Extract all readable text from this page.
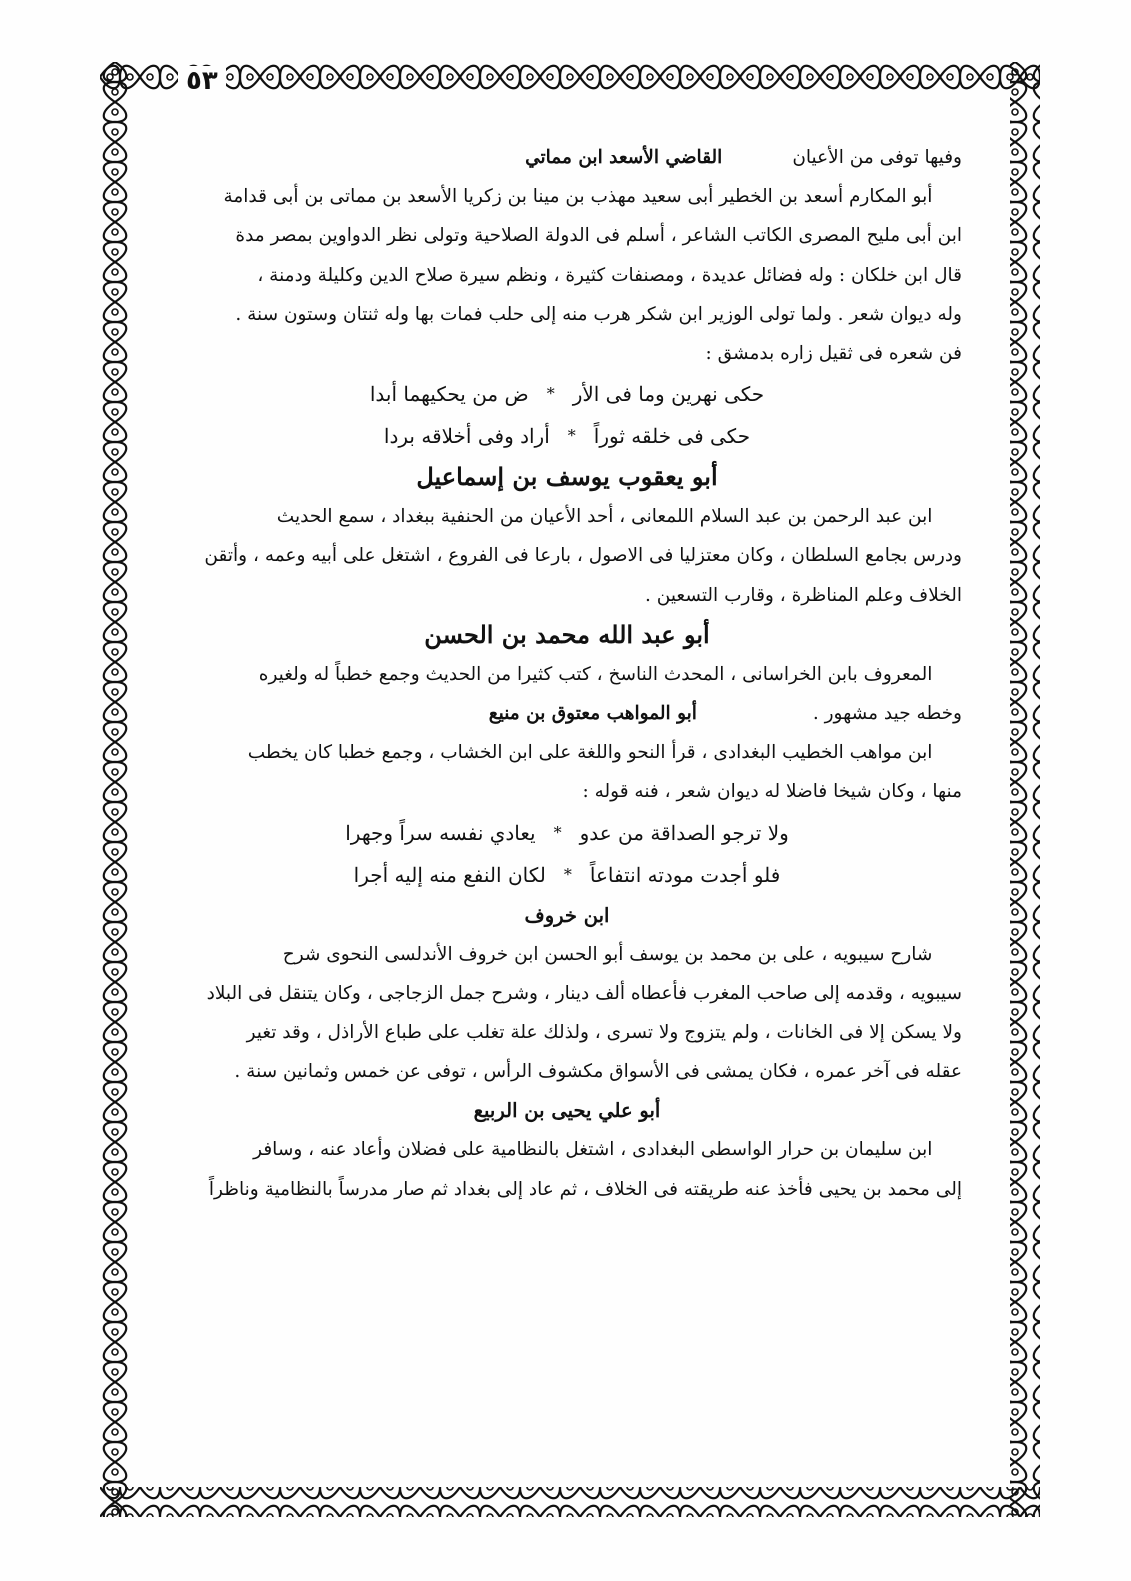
٥٣
وفيها توفى من الأعيان
القاضي الأسعد ابن مماتي

أبو المكارم أسعد بن الخطير أبى سعيد مهذب بن مينا بن زكريا الأسعد بن مماتى بن أبى قدامة

ابن أبى مليح المصرى الكاتب الشاعر ، أسلم فى الدولة الصلاحية وتولى نظر الدواوين بمصر مدة

قال ابن خلكان : وله فضائل عديدة ، ومصنفات كثيرة ، ونظم سيرة صلاح الدين وكليلة ودمنة ،

وله ديوان شعر . ولما تولى الوزير ابن شكر هرب منه إلى حلب فمات بها وله ثنتان وستون سنة .

فن شعره فى ثقيل زاره بدمشق :

حكى نهرين وما فى الأر
*
ض من يحكيهما أبدا
حكى فى خلقه ثوراً
*
أراد وفى أخلاقه بردا
أبو يعقوب يوسف بن إسماعيل

ابن عبد الرحمن بن عبد السلام اللمعانى ، أحد الأعيان من الحنفية ببغداد ، سمع الحديث

ودرس بجامع السلطان ، وكان معتزليا فى الاصول ، بارعا فى الفروع ، اشتغل على أبيه وعمه ، وأتقن

الخلاف وعلم المناظرة ، وقارب التسعين .

أبو عبد الله محمد بن الحسن

المعروف بابن الخراسانى ، المحدث الناسخ ، كتب كثيرا من الحديث وجمع خطباً له ولغيره

وخطه جيد مشهور . أبو المواهب معتوق بن منيع

ابن مواهب الخطيب البغدادى ، قرأ النحو واللغة على ابن الخشاب ، وجمع خطبا كان يخطب

منها ، وكان شيخا فاضلا له ديوان شعر ، فنه قوله :

ولا ترجو الصداقة من عدو
*
يعادي نفسه سراً وجهرا
فلو أجدت مودته انتفاعاً
*
لكان النفع منه إليه أجرا
ابن خروف

شارح سيبويه ، على بن محمد بن يوسف أبو الحسن ابن خروف الأندلسى النحوى شرح

سيبويه ، وقدمه إلى صاحب المغرب فأعطاه ألف دينار ، وشرح جمل الزجاجى ، وكان يتنقل فى البلاد

ولا يسكن إلا فى الخانات ، ولم يتزوج ولا تسرى ، ولذلك علة تغلب على طباع الأراذل ، وقد تغير

عقله فى آخر عمره ، فكان يمشى فى الأسواق مكشوف الرأس ، توفى عن خمس وثمانين سنة .

أبو علي يحيى بن الربيع

ابن سليمان بن حرار الواسطى البغدادى ، اشتغل بالنظامية على فضلان وأعاد عنه ، وسافر

إلى محمد بن يحيى فأخذ عنه طريقته فى الخلاف ، ثم عاد إلى بغداد ثم صار مدرساً بالنظامية وناظراً
